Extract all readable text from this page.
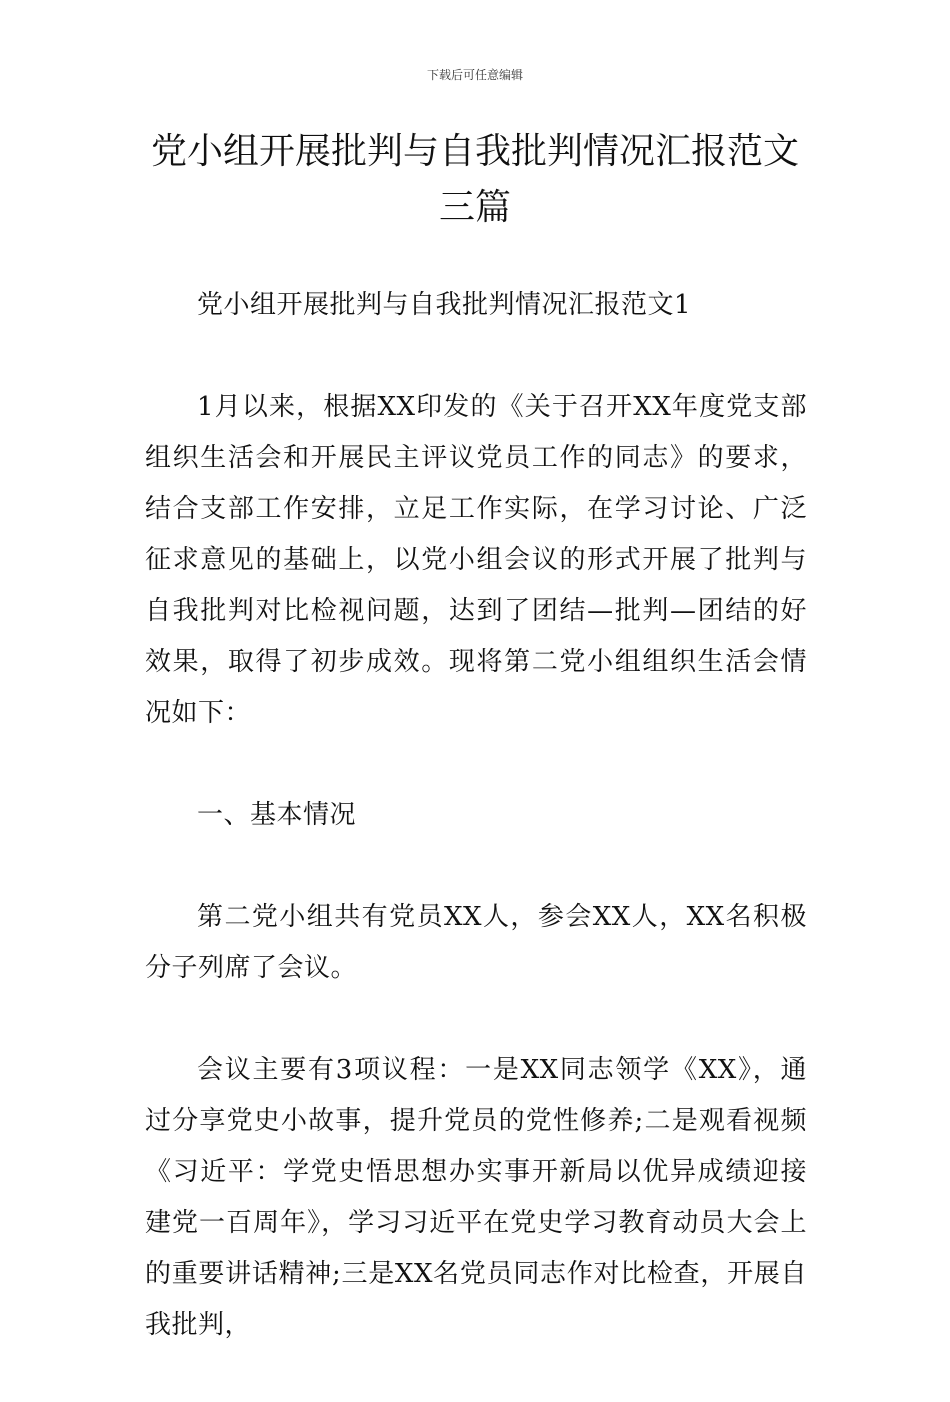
下载后可任意编辑
党小组开展批判与自我批判情况汇报范文三篇

党小组开展批判与自我批判情况汇报范文1

1月以来，根据XX印发的《关于召开XX年度党支部组织生活会和开展民主评议党员工作的同志》的要求，结合支部工作安排，立足工作实际，在学习讨论、广泛征求意见的基础上，以党小组会议的形式开展了批判与自我批判对比检视问题，达到了团结—批判—团结的好效果，取得了初步成效。现将第二党小组组织生活会情况如下：

一、基本情况

第二党小组共有党员XX人，参会XX人，XX名积极分子列席了会议。

会议主要有3项议程：一是XX同志领学《XX》，通过分享党史小故事，提升党员的党性修养;二是观看视频《习近平：学党史悟思想办实事开新局以优异成绩迎接建党一百周年》，学习习近平在党史学习教育动员大会上的重要讲话精神;三是XX名党员同志作对比检查，开展自我批判，
